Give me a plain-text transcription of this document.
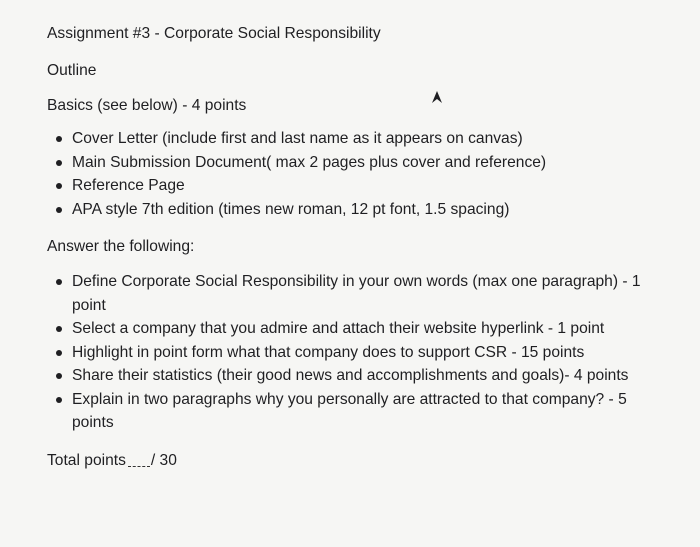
Assignment #3 - Corporate Social Responsibility
Outline
Basics (see below) - 4 points
Cover Letter (include first and last name as it appears on canvas)
Main Submission Document( max 2 pages plus cover and reference)
Reference Page
APA style 7th edition (times new roman, 12 pt font, 1.5 spacing)
Answer the following:
Define Corporate Social Responsibility in your own words (max one paragraph) - 1 point
Select a company that you admire and attach their website hyperlink - 1 point
Highlight in point form what that company does to support CSR - 15 points
Share their statistics (their good news and accomplishments and goals)- 4 points
Explain in two paragraphs why you personally are attracted to that company? - 5 points
Total points / 30
